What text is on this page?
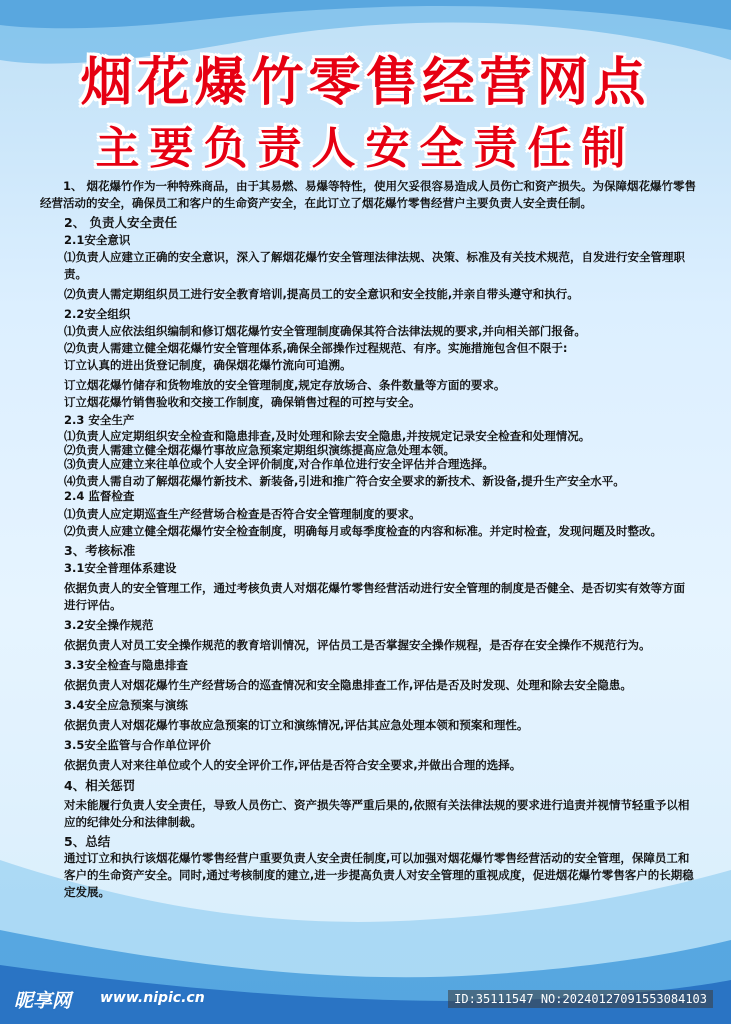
烟花爆竹零售经营网点
主要负责人安全责任制

1、 烟花爆竹作为一种特殊商品，由于其易燃、易爆等特性，使用欠妥很容易造成人员伤亡和资产损失。为保障烟花爆竹零售经营活动的安全，确保员工和客户的生命资产安全，在此订立了烟花爆竹零售经营户主要负责人安全责任制。

2、 负责人安全责任

2.1安全意识

⑴负责人应建立正确的安全意识，深入了解烟花爆竹安全管理法律法规、决策、标准及有关技术规范，自发进行安全管理职责。

⑵负责人需定期组织员工进行安全教育培训,提高员工的安全意识和安全技能,并亲自带头遵守和执行。

2.2安全组织

⑴负责人应依法组织编制和修订烟花爆竹安全管理制度确保其符合法律法规的要求,并向相关部门报备。

⑵负责人需建立健全烟花爆竹安全管理体系,确保全部操作过程规范、有序。实施措施包含但不限于:

订立认真的进出货登记制度，确保烟花爆竹流向可追溯。

订立烟花爆竹储存和货物堆放的安全管理制度,规定存放场合、条件数量等方面的要求。

订立烟花爆竹销售验收和交接工作制度，确保销售过程的可控与安全。

2.3 安全生产

⑴负责人应定期组织安全检查和隐患排查,及时处理和除去安全隐患,并按规定记录安全检查和处理情况。

⑵负责人需建立健全烟花爆竹事故应急预案定期组织演练提高应急处理本领。

⑶负责人应建立来往单位或个人安全评价制度,对合作单位进行安全评估并合理选择。

⑷负责人需自动了解烟花爆竹新技术、新装备,引进和推广符合安全要求的新技术、新设备,提升生产安全水平。

2.4 监督检查

⑴负责人应定期巡查生产经营场合检查是否符合安全管理制度的要求。

⑵负责人应建立健全烟花爆竹安全检查制度，明确每月或每季度检查的内容和标准。并定时检查，发现问题及时整改。

3、考核标准

3.1安全普理体系建设

依据负责人的安全管理工作，通过考核负责人对烟花爆竹零售经营活动进行安全管理的制度是否健全、是否切实有效等方面进行评估。

3.2安全操作规范

依据负责人对员工安全操作规范的教育培训情况，评估员工是否掌握安全操作规程，是否存在安全操作不规范行为。

3.3安全检查与隐患排查

依据负责人对烟花爆竹生产经营场合的巡查情况和安全隐患排查工作,评估是否及时发现、处理和除去安全隐患。

3.4安全应急预案与演练

依据负责人对烟花爆竹事故应急预案的订立和演练情况,评估其应急处理本领和预案和理性。

3.5安全监管与合作单位评价

依据负责人对来往单位或个人的安全评价工作,评估是否符合安全要求,并做出合理的选择。

4、相关惩罚

对未能履行负责人安全责任，导致人员伤亡、资产损失等严重后果的,依照有关法律法规的要求进行追责并视情节轻重予以相应的纪律处分和法律制裁。

5、总结

通过订立和执行该烟花爆竹零售经营户重要负责人安全责任制度,可以加强对烟花爆竹零售经营活动的安全管理，保障员工和客户的生命资产安全。同时,通过考核制度的建立,进一步提高负责人对安全管理的重视成度，促进烟花爆竹零售客户的长期稳定发展。

昵享网 www.nipic.cn	ID:35111547 NO:20240127091553084103
